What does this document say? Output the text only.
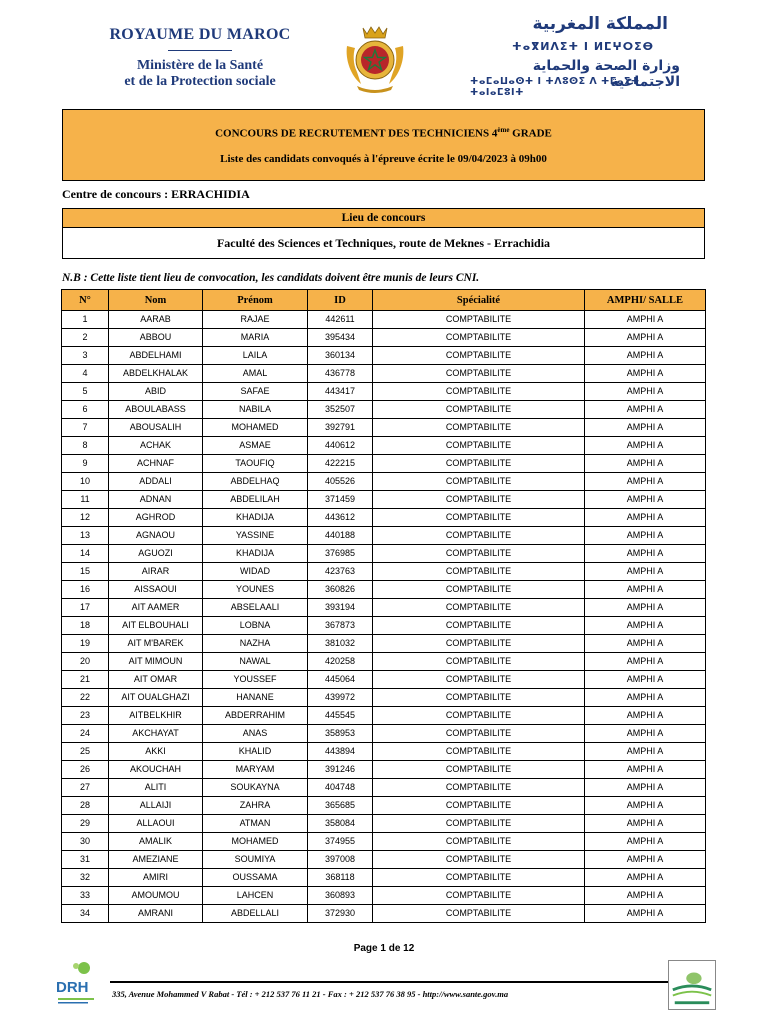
ROYAUME DU MAROC
Ministère de la Santé
et de la Protection sociale
المملكة المغربية
ⵜⴰⴳⵍⴷⵉⵜ ⵏ ⵍⵎⵖⵔⵉⴱ
وزارة الصحة والحماية الاجتماعية
ⵜⴰⵎⴰⵡⴰⵙⵜ ⵏ ⵜⴷⵓⵙⵉ ⴷ ⵜⵎⴰⵢⵜ ⵜⴰⵏⴰⵎⵓⵏⵜ
CONCOURS DE RECRUTEMENT DES TECHNICIENS 4ème GRADE
Liste des candidats convoqués à l'épreuve écrite le 09/04/2023 à 09h00
Centre de concours : ERRACHIDIA
Lieu de concours
Faculté des Sciences et Techniques, route de Meknes - Errachidia
N.B : Cette liste tient lieu de convocation, les candidats doivent être munis de leurs CNI.
N°	Nom	Prénom	ID	Spécialité	AMPHI/ SALLE
1	AARAB	RAJAE	442611	COMPTABILITE	AMPHI A
2	ABBOU	MARIA	395434	COMPTABILITE	AMPHI A
3	ABDELHAMI	LAILA	360134	COMPTABILITE	AMPHI A
4	ABDELKHALAK	AMAL	436778	COMPTABILITE	AMPHI A
5	ABID	SAFAE	443417	COMPTABILITE	AMPHI A
6	ABOULABASS	NABILA	352507	COMPTABILITE	AMPHI A
7	ABOUSALIH	MOHAMED	392791	COMPTABILITE	AMPHI A
8	ACHAK	ASMAE	440612	COMPTABILITE	AMPHI A
9	ACHNAF	TAOUFIQ	422215	COMPTABILITE	AMPHI A
10	ADDALI	ABDELHAQ	405526	COMPTABILITE	AMPHI A
11	ADNAN	ABDELILAH	371459	COMPTABILITE	AMPHI A
12	AGHROD	KHADIJA	443612	COMPTABILITE	AMPHI A
13	AGNAOU	YASSINE	440188	COMPTABILITE	AMPHI A
14	AGUOZI	KHADIJA	376985	COMPTABILITE	AMPHI A
15	AIRAR	WIDAD	423763	COMPTABILITE	AMPHI A
16	AISSAOUI	YOUNES	360826	COMPTABILITE	AMPHI A
17	AIT AAMER	ABSELAALI	393194	COMPTABILITE	AMPHI A
18	AIT ELBOUHALI	LOBNA	367873	COMPTABILITE	AMPHI A
19	AIT M'BAREK	NAZHA	381032	COMPTABILITE	AMPHI A
20	AIT MIMOUN	NAWAL	420258	COMPTABILITE	AMPHI A
21	AIT OMAR	YOUSSEF	445064	COMPTABILITE	AMPHI A
22	AIT OUALGHAZI	HANANE	439972	COMPTABILITE	AMPHI A
23	AITBELKHIR	ABDERRAHIM	445545	COMPTABILITE	AMPHI A
24	AKCHAYAT	ANAS	358953	COMPTABILITE	AMPHI A
25	AKKI	KHALID	443894	COMPTABILITE	AMPHI A
26	AKOUCHAH	MARYAM	391246	COMPTABILITE	AMPHI A
27	ALITI	SOUKAYNA	404748	COMPTABILITE	AMPHI A
28	ALLAIJI	ZAHRA	365685	COMPTABILITE	AMPHI A
29	ALLAOUI	ATMAN	358084	COMPTABILITE	AMPHI A
30	AMALIK	MOHAMED	374955	COMPTABILITE	AMPHI A
31	AMEZIANE	SOUMIYA	397008	COMPTABILITE	AMPHI A
32	AMIRI	OUSSAMA	368118	COMPTABILITE	AMPHI A
33	AMOUMOU	LAHCEN	360893	COMPTABILITE	AMPHI A
34	AMRANI	ABDELLALI	372930	COMPTABILITE	AMPHI A
Page 1 de 12
DRH	335, Avenue Mohammed V Rabat - Tél : + 212 537 76 11 21 - Fax : + 212 537 76 38 95 - http://www.sante.gov.ma
